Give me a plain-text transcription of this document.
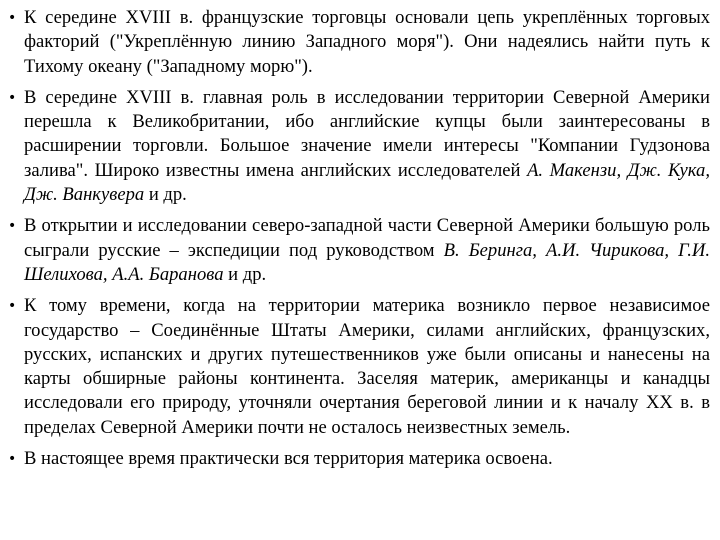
• К середине XVIII в. французские торговцы основали цепь укреплённых торговых факторий ("Укреплённую линию Западного моря"). Они надеялись найти путь к Тихому океану ("Западному морю").
• В середине XVIII в. главная роль в исследовании территории Северной Америки перешла к Великобритании, ибо английские купцы были заинтересованы в расширении торговли. Большое значение имели интересы "Компании Гудзонова залива". Широко известны имена английских исследователей А. Макензи, Дж. Кука, Дж. Ванкувера и др.
• В открытии и исследовании северо-западной части Северной Америки большую роль сыграли русские – экспедиции под руководством В. Беринга, А.И. Чирикова, Г.И. Шелихова, А.А. Баранова и др.
• К тому времени, когда на территории материка возникло первое независимое государство – Соединённые Штаты Америки, силами английских, французских, русских, испанских и других путешественников уже были описаны и нанесены на карты обширные районы континента. Заселяя материк, американцы и канадцы исследовали его природу, уточняли очертания береговой линии и к началу XX в. в пределах Северной Америки почти не осталось неизвестных земель.
• В настоящее время практически вся территория материка освоена.
